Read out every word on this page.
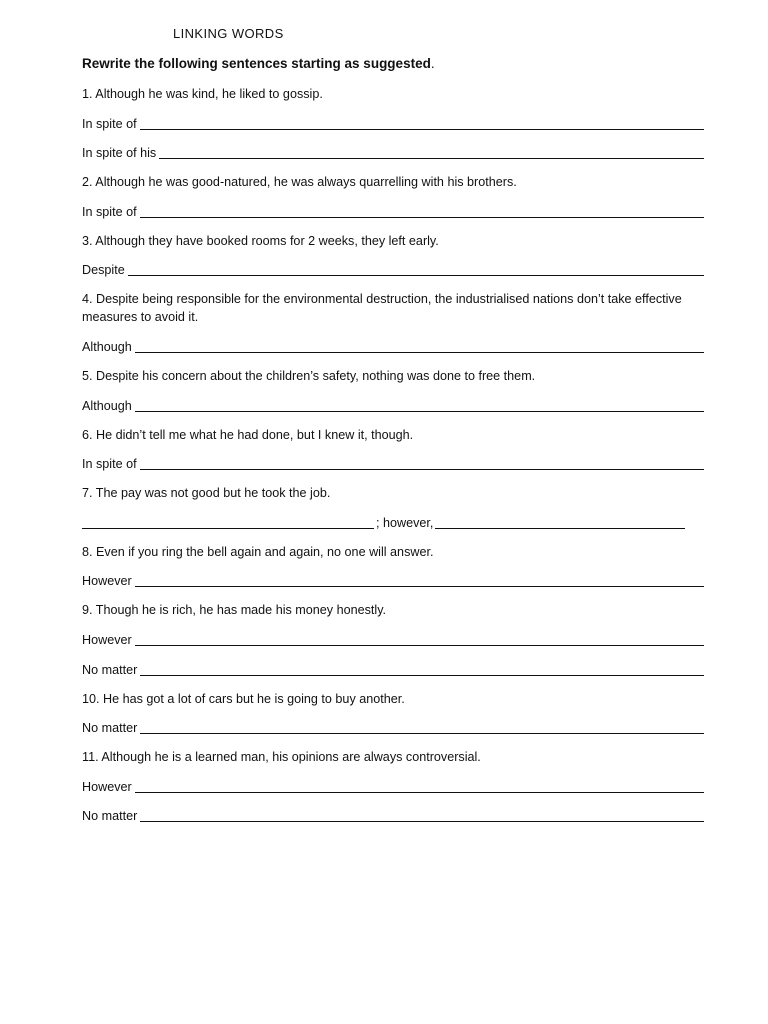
LINKING WORDS
Rewrite the following sentences starting as suggested.
1. Although he was kind, he liked to gossip.
In spite of
In spite of his
2. Although he was good-natured, he was always quarrelling with his brothers.
In spite of
3. Although they have booked rooms for 2 weeks, they left early.
Despite
4. Despite being responsible for the environmental destruction, the industrialised nations don’t take effective measures to avoid it.
Although
5. Despite his concern about the children’s safety, nothing was done to free them.
Although
6. He didn’t tell me what he had done, but I knew it, though.
In spite of
7. The pay was not good but he took the job.
; however,
8. Even if you ring the bell again and again, no one will answer.
However
9. Though he is rich, he has made his money honestly.
However
No matter
10. He has got a lot of cars but he is going to buy another.
No matter
11. Although he is a learned man, his opinions are always controversial.
However
No matter
